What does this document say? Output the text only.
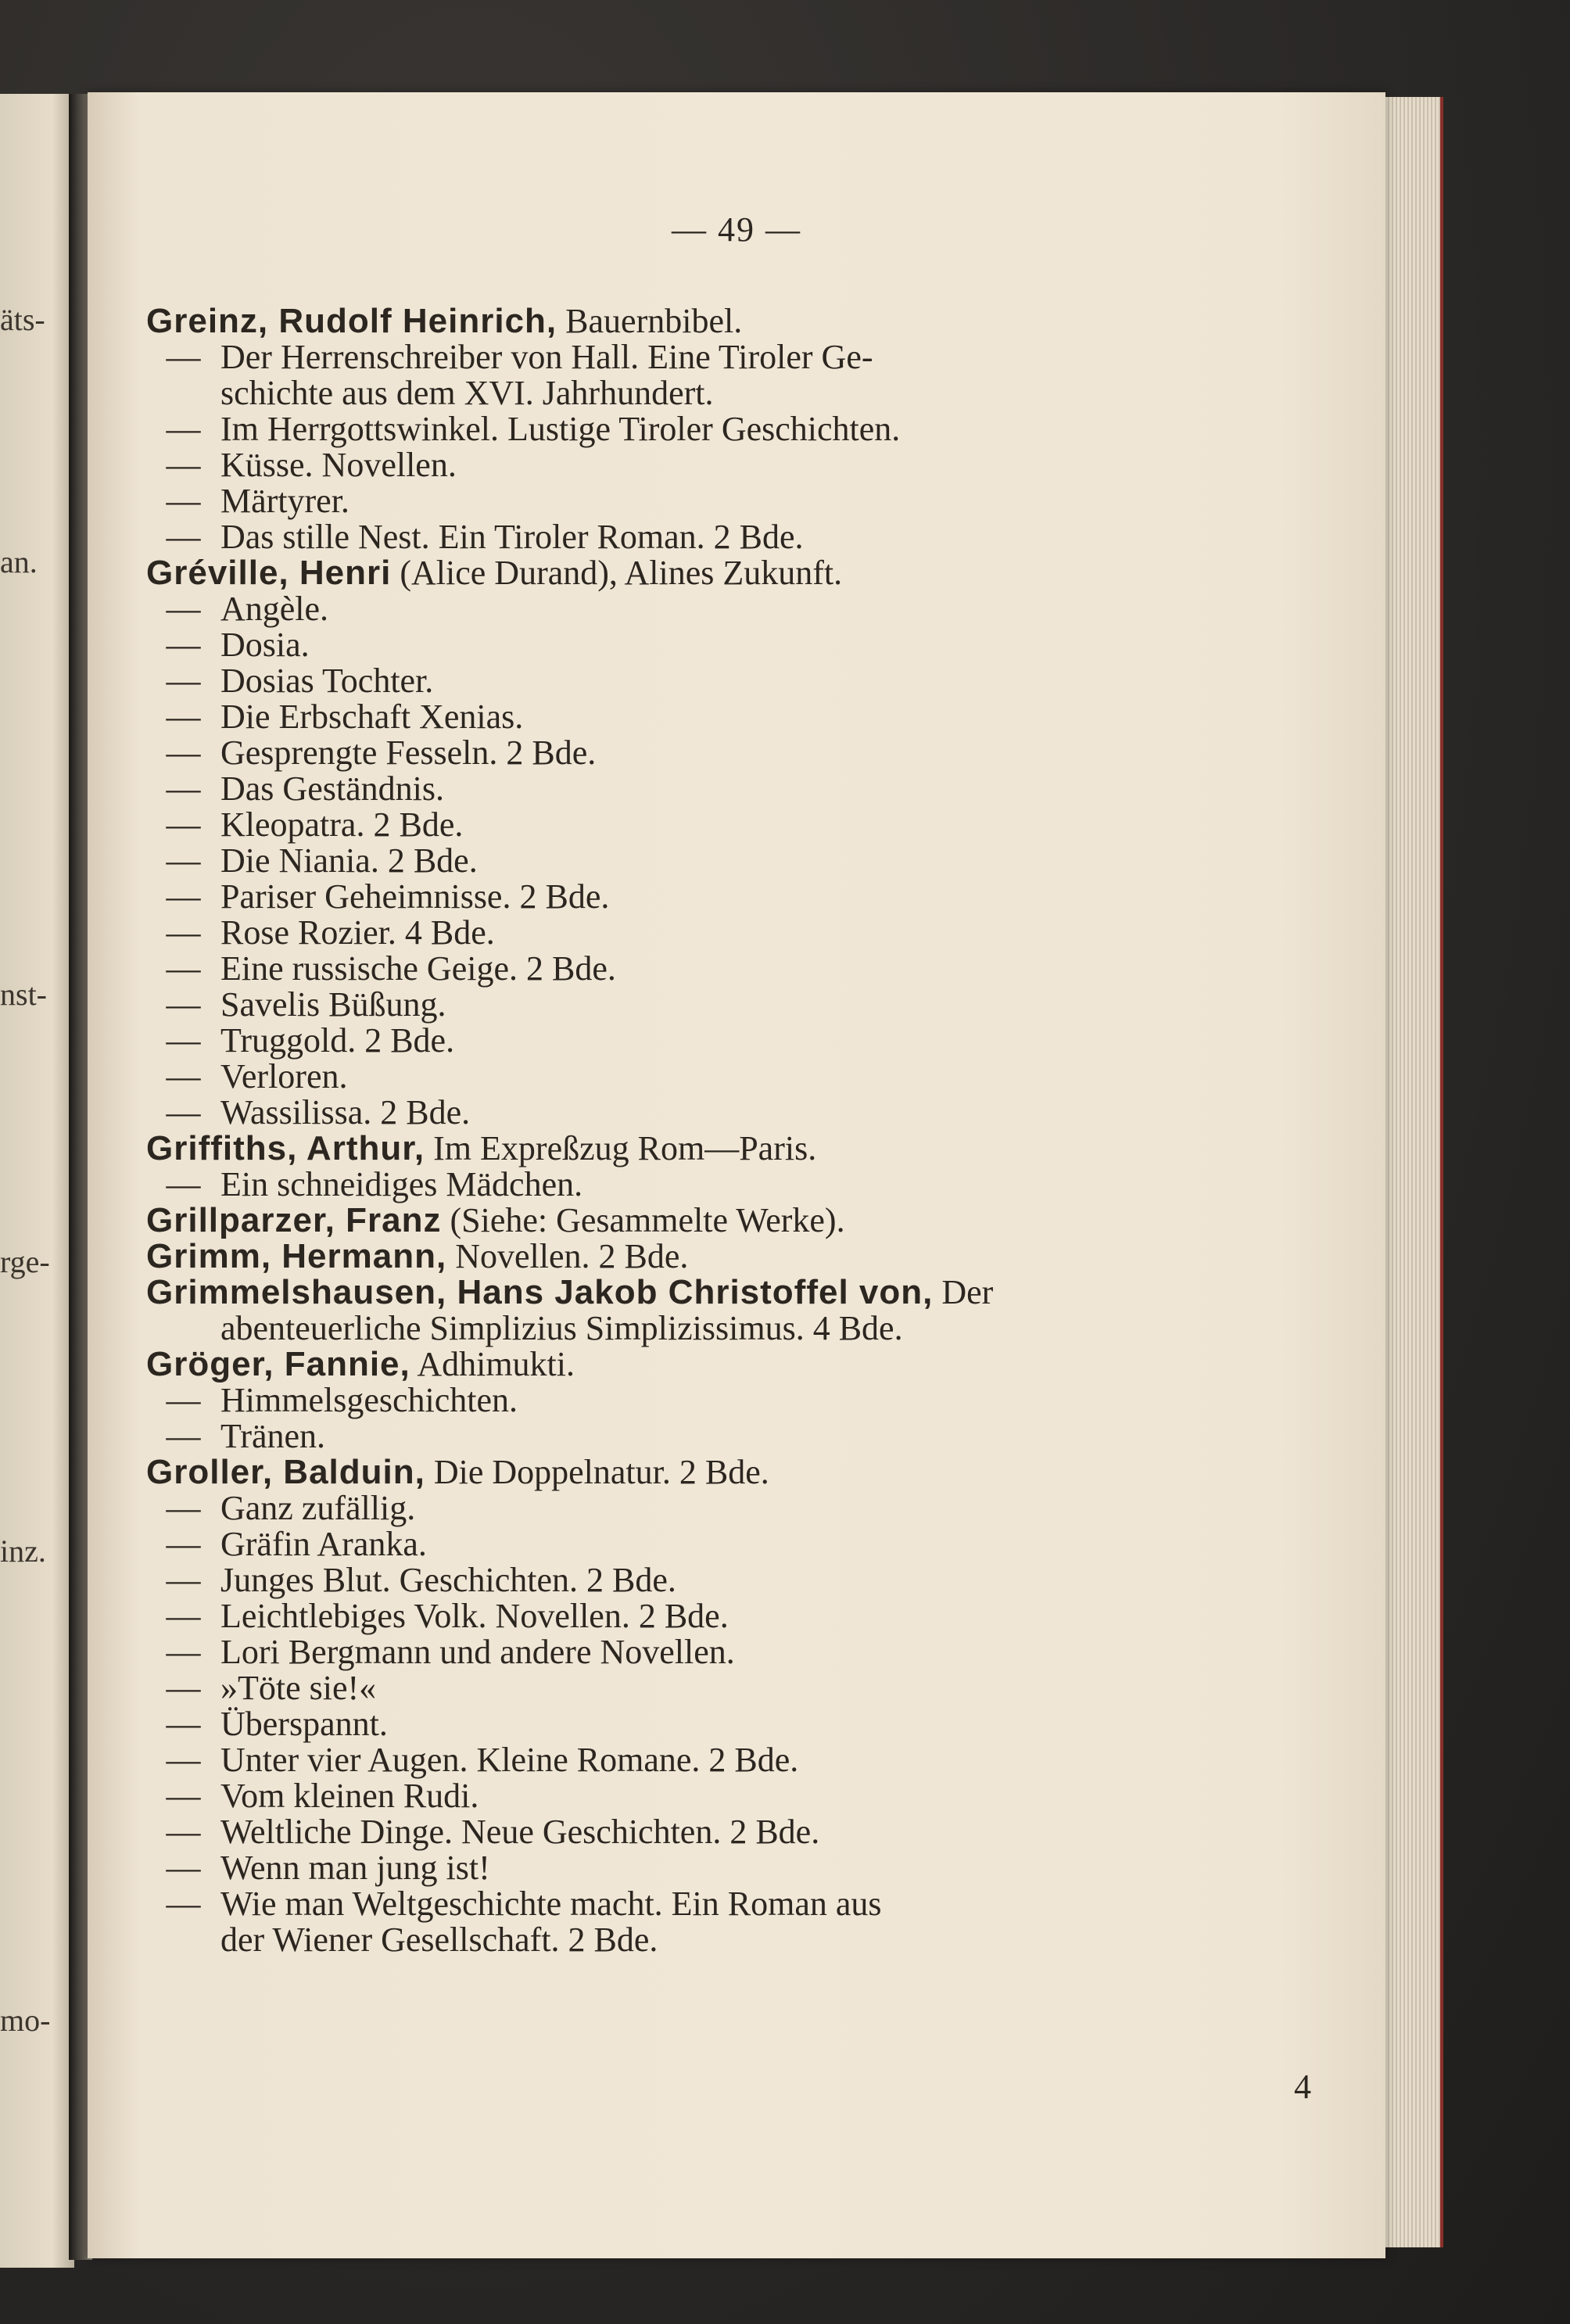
äts-
an.
nst-
rge-
inz.
mo-
— 49 —
Greinz, Rudolf Heinrich, Bauernbibel.
— Der Herrenschreiber von Hall. Eine Tiroler Ge-
schichte aus dem XVI. Jahrhundert.
— Im Herrgottswinkel. Lustige Tiroler Geschichten.
— Küsse. Novellen.
— Märtyrer.
— Das stille Nest. Ein Tiroler Roman. 2 Bde.
Gréville, Henri (Alice Durand), Alines Zukunft.
— Angèle.
— Dosia.
— Dosias Tochter.
— Die Erbschaft Xenias.
— Gesprengte Fesseln. 2 Bde.
— Das Geständnis.
— Kleopatra. 2 Bde.
— Die Niania. 2 Bde.
— Pariser Geheimnisse. 2 Bde.
— Rose Rozier. 4 Bde.
— Eine russische Geige. 2 Bde.
— Savelis Büßung.
— Truggold. 2 Bde.
— Verloren.
— Wassilissa. 2 Bde.
Griffiths, Arthur, Im Expreßzug Rom—Paris.
— Ein schneidiges Mädchen.
Grillparzer, Franz (Siehe: Gesammelte Werke).
Grimm, Hermann, Novellen. 2 Bde.
Grimmelshausen, Hans Jakob Christoffel von, Der
abenteuerliche Simplizius Simplizissimus. 4 Bde.
Gröger, Fannie, Adhimukti.
— Himmelsgeschichten.
— Tränen.
Groller, Balduin, Die Doppelnatur. 2 Bde.
— Ganz zufällig.
— Gräfin Aranka.
— Junges Blut. Geschichten. 2 Bde.
— Leichtlebiges Volk. Novellen. 2 Bde.
— Lori Bergmann und andere Novellen.
— »Töte sie!«
— Überspannt.
— Unter vier Augen. Kleine Romane. 2 Bde.
— Vom kleinen Rudi.
— Weltliche Dinge. Neue Geschichten. 2 Bde.
— Wenn man jung ist!
— Wie man Weltgeschichte macht. Ein Roman aus
der Wiener Gesellschaft. 2 Bde.
4
